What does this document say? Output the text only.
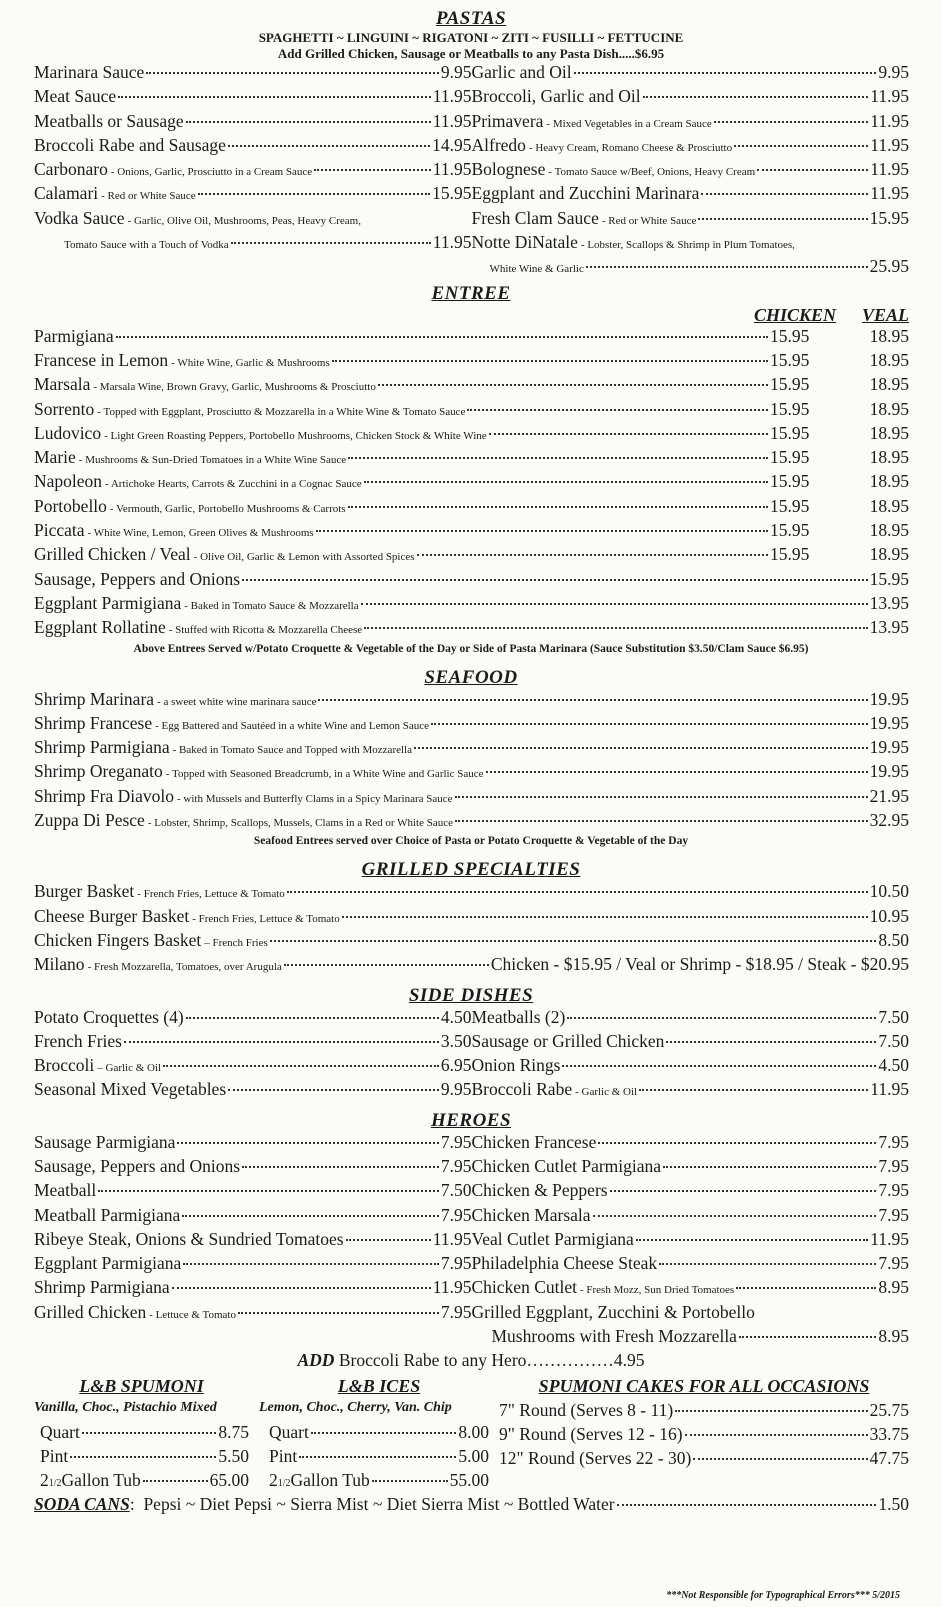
PASTAS
SPAGHETTI ~ LINGUINI ~ RIGATONI ~ ZITI ~ FUSILLI ~ FETTUCINE
Add Grilled Chicken, Sausage or Meatballs to any Pasta Dish.....$6.95
Marinara Sauce	9.95
Meat Sauce	11.95
Meatballs or Sausage	11.95
Broccoli Rabe and Sausage	14.95
Carbonaro - Onions, Garlic, Prosciutto in a Cream Sauce	11.95
Calamari - Red or White Sauce	15.95
Vodka Sauce - Garlic, Olive Oil, Mushrooms, Peas, Heavy Cream,
Tomato Sauce with a Touch of Vodka	11.95
Garlic and Oil	9.95
Broccoli, Garlic and Oil	11.95
Primavera - Mixed Vegetables in a Cream Sauce	11.95
Alfredo - Heavy Cream, Romano Cheese & Prosciutto	11.95
Bolognese - Tomato Sauce w/Beef, Onions, Heavy Cream	11.95
Eggplant and Zucchini Marinara	11.95
Fresh Clam Sauce - Red or White Sauce	15.95
Notte DiNatale - Lobster, Scallops & Shrimp in Plum Tomatoes,
White Wine & Garlic	25.95
ENTREE
CHICKEN VEAL
Parmigiana	15.95	18.95
Francese in Lemon - White Wine, Garlic & Mushrooms	15.95	18.95
Marsala - Marsala Wine, Brown Gravy, Garlic, Mushrooms & Prosciutto	15.95	18.95
Sorrento - Topped with Eggplant, Prosciutto & Mozzarella in a White Wine & Tomato Sauce	15.95	18.95
Ludovico - Light Green Roasting Peppers, Portobello Mushrooms, Chicken Stock & White Wine	15.95	18.95
Marie - Mushrooms & Sun-Dried Tomatoes in a White Wine Sauce	15.95	18.95
Napoleon - Artichoke Hearts, Carrots & Zucchini in a Cognac Sauce	15.95	18.95
Portobello - Vermouth, Garlic, Portobello Mushrooms & Carrots	15.95	18.95
Piccata - White Wine, Lemon, Green Olives & Mushrooms	15.95	18.95
Grilled Chicken / Veal - Olive Oil, Garlic & Lemon with Assorted Spices	15.95	18.95
Sausage, Peppers and Onions	15.95
Eggplant Parmigiana - Baked in Tomato Sauce & Mozzarella	13.95
Eggplant Rollatine - Stuffed with Ricotta & Mozzarella Cheese	13.95
Above Entrees Served w/Potato Croquette & Vegetable of the Day or Side of Pasta Marinara (Sauce Substitution $3.50/Clam Sauce $6.95)
SEAFOOD
Shrimp Marinara - a sweet white wine marinara sauce	19.95
Shrimp Francese - Egg Battered and Sautéed in a white Wine and Lemon Sauce	19.95
Shrimp Parmigiana - Baked in Tomato Sauce and Topped with Mozzarella	19.95
Shrimp Oreganato - Topped with Seasoned Breadcrumb, in a White Wine and Garlic Sauce	19.95
Shrimp Fra Diavolo - with Mussels and Butterfly Clams in a Spicy Marinara Sauce	21.95
Zuppa Di Pesce - Lobster, Shrimp, Scallops, Mussels, Clams in a Red or White Sauce	32.95
Seafood Entrees served over Choice of Pasta or Potato Croquette & Vegetable of the Day
GRILLED SPECIALTIES
Burger Basket - French Fries, Lettuce & Tomato	10.50
Cheese Burger Basket - French Fries, Lettuce & Tomato	10.95
Chicken Fingers Basket – French Fries	8.50
Milano - Fresh Mozzarella, Tomatoes, over Arugula	Chicken - $15.95 / Veal or Shrimp - $18.95 / Steak - $20.95
SIDE DISHES
Potato Croquettes (4)	4.50
French Fries	3.50
Broccoli – Garlic & Oil	6.95
Seasonal Mixed Vegetables	9.95
Meatballs (2)	7.50
Sausage or Grilled Chicken	7.50
Onion Rings	4.50
Broccoli Rabe - Garlic & Oil	11.95
HEROES
Sausage Parmigiana	7.95
Sausage, Peppers and Onions	7.95
Meatball	7.50
Meatball Parmigiana	7.95
Ribeye Steak, Onions & Sundried Tomatoes	11.95
Eggplant Parmigiana	7.95
Shrimp Parmigiana	11.95
Grilled Chicken - Lettuce & Tomato	7.95
Chicken Francese	7.95
Chicken Cutlet Parmigiana	7.95
Chicken & Peppers	7.95
Chicken Marsala	7.95
Veal Cutlet Parmigiana	11.95
Philadelphia Cheese Steak	7.95
Chicken Cutlet - Fresh Mozz, Sun Dried Tomatoes	8.95
Grilled Eggplant, Zucchini & Portobello
Mushrooms with Fresh Mozzarella	8.95
ADD Broccoli Rabe to any Hero……………4.95
L&B SPUMONI
Vanilla, Choc., Pistachio Mixed
Quart	8.75
Pint	5.50
2 1/2 Gallon Tub	65.00
L&B ICES
Lemon, Choc., Cherry, Van. Chip
Quart	8.00
Pint	5.00
2 1/2 Gallon Tub	55.00
SPUMONI CAKES FOR ALL OCCASIONS
7" Round (Serves 8 - 11)	25.75
9" Round (Serves 12 - 16)	33.75
12" Round (Serves 22 - 30)	47.75
SODA CANS : Pepsi ~ Diet Pepsi ~ Sierra Mist ~ Diet Sierra Mist ~ Bottled Water	1.50
***Not Responsible for Typographical Errors*** 5/2015
